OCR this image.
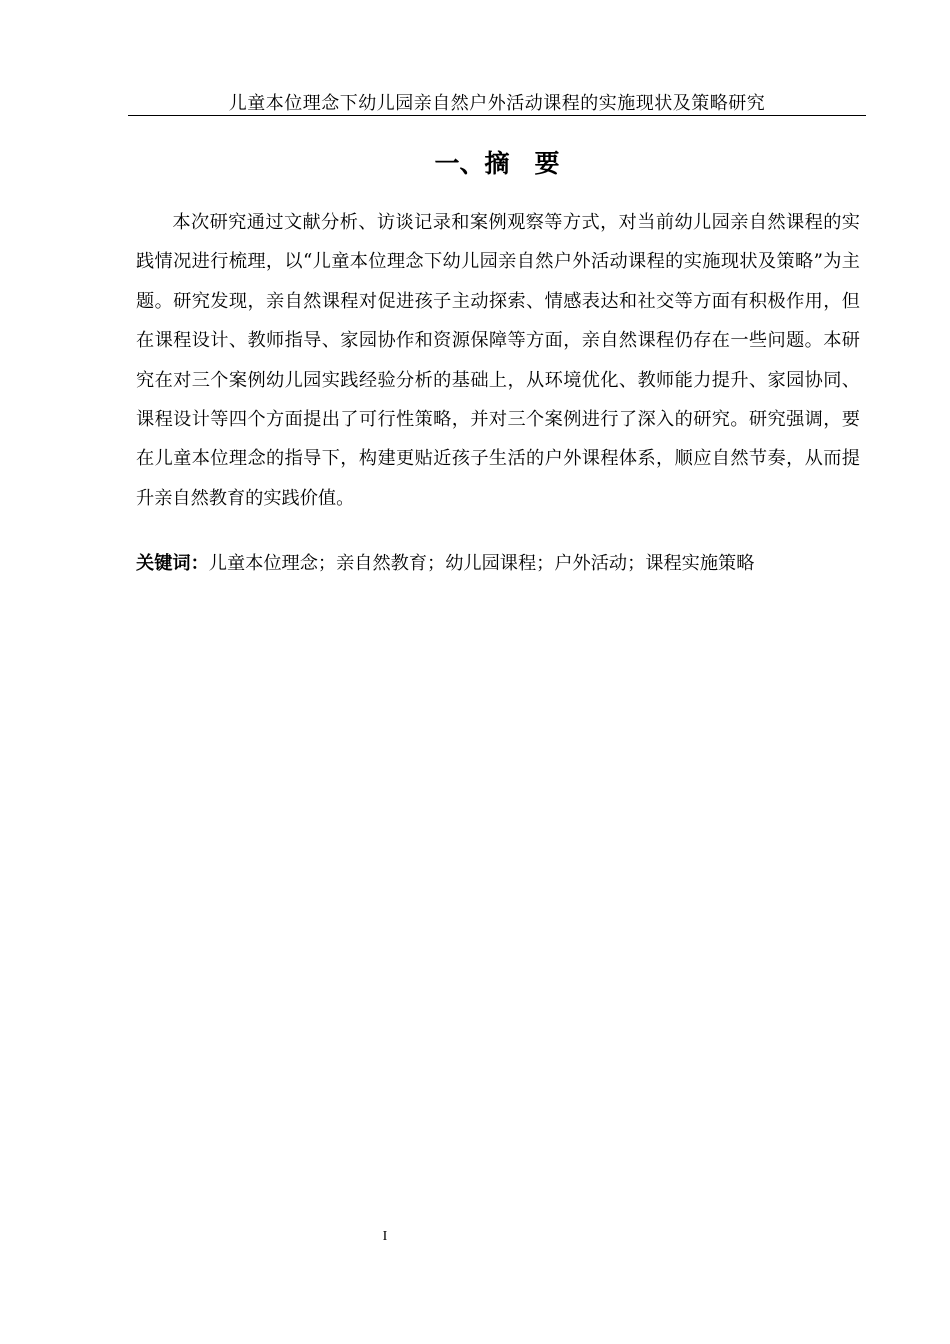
儿童本位理念下幼儿园亲自然户外活动课程的实施现状及策略研究
一、摘　要

本次研究通过文献分析、访谈记录和案例观察等方式，对当前幼儿园亲自然课程的实践情况进行梳理，以“儿童本位理念下幼儿园亲自然户外活动课程的实施现状及策略”为主题。研究发现，亲自然课程对促进孩子主动探索、情感表达和社交等方面有积极作用，但在课程设计、教师指导、家园协作和资源保障等方面，亲自然课程仍存在一些问题。本研究在对三个案例幼儿园实践经验分析的基础上，从环境优化、教师能力提升、家园协同、课程设计等四个方面提出了可行性策略，并对三个案例进行了深入的研究。研究强调，要在儿童本位理念的指导下，构建更贴近孩子生活的户外课程体系，顺应自然节奏，从而提升亲自然教育的实践价值。

关键词：儿童本位理念；亲自然教育；幼儿园课程；户外活动；课程实施策略

I
